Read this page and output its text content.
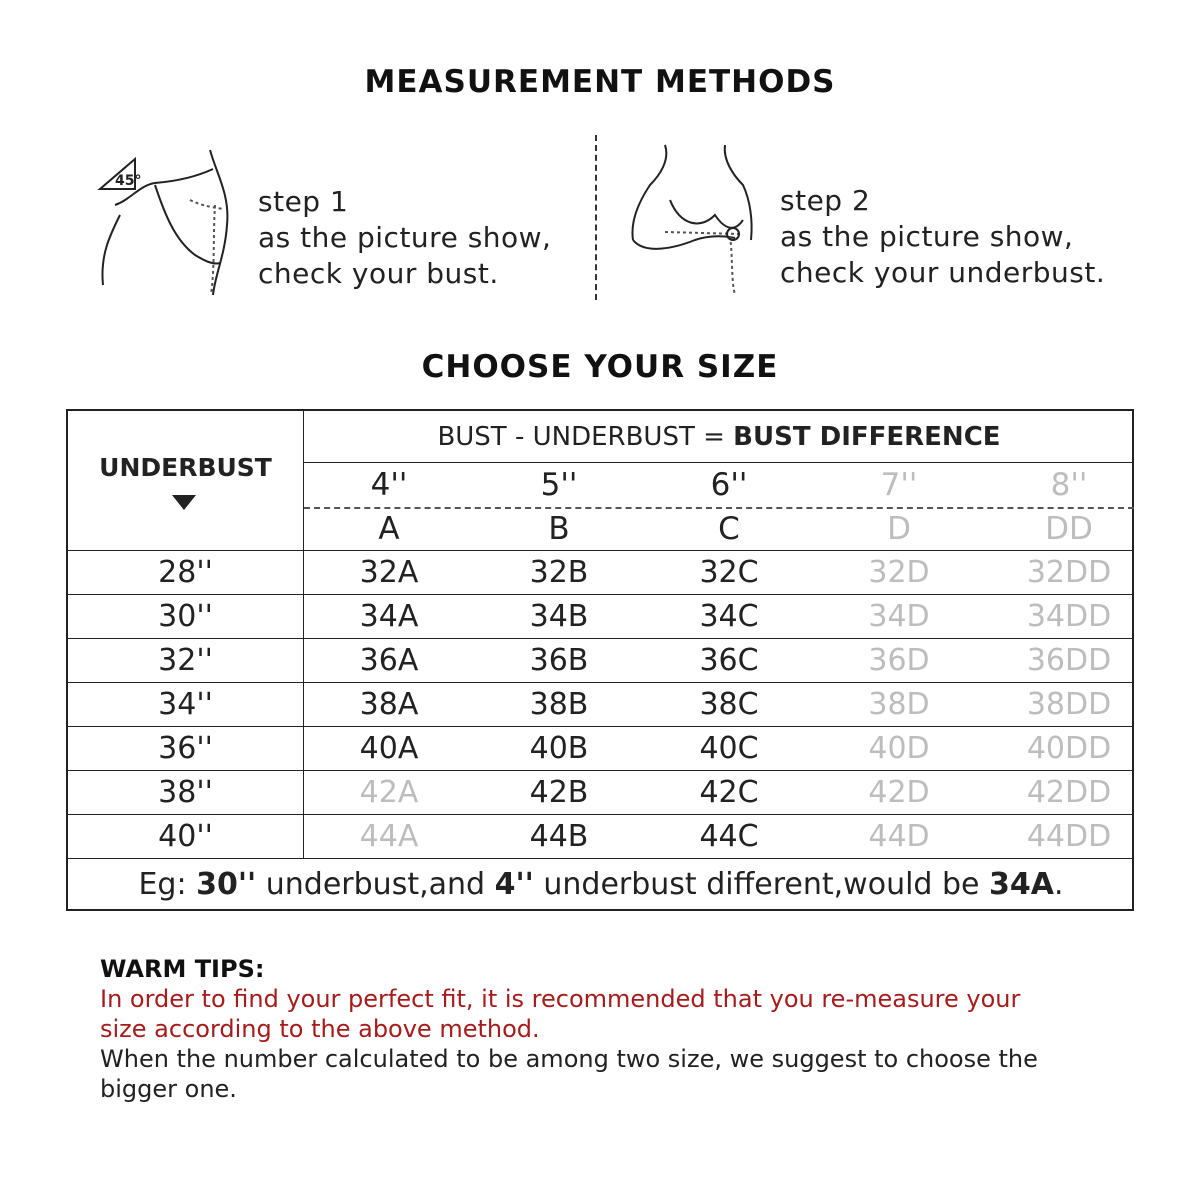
MEASUREMENT METHODS
45°
step 1
as the picture show,
check your bust.
step 2
as the picture show,
check your underbust.
CHOOSE YOUR SIZE
UNDERBUST
BUST - UNDERBUST = BUST DIFFERENCE
4''	5''	6''	7''	8''
A	B	C	D	DD
28''	32A	32B	32C	32D	32DD
30''	34A	34B	34C	34D	34DD
32''	36A	36B	36C	36D	36DD
34''	38A	38B	38C	38D	38DD
36''	40A	40B	40C	40D	40DD
38''	42A	42B	42C	42D	42DD
40''	44A	44B	44C	44D	44DD
Eg: 30'' underbust,and 4'' underbust different,would be 34A.
WARM TIPS:
In order to find your perfect fit, it is recommended that you re-measure your
size according to the above method.
When the number calculated to be among two size, we suggest to choose the
bigger one.
